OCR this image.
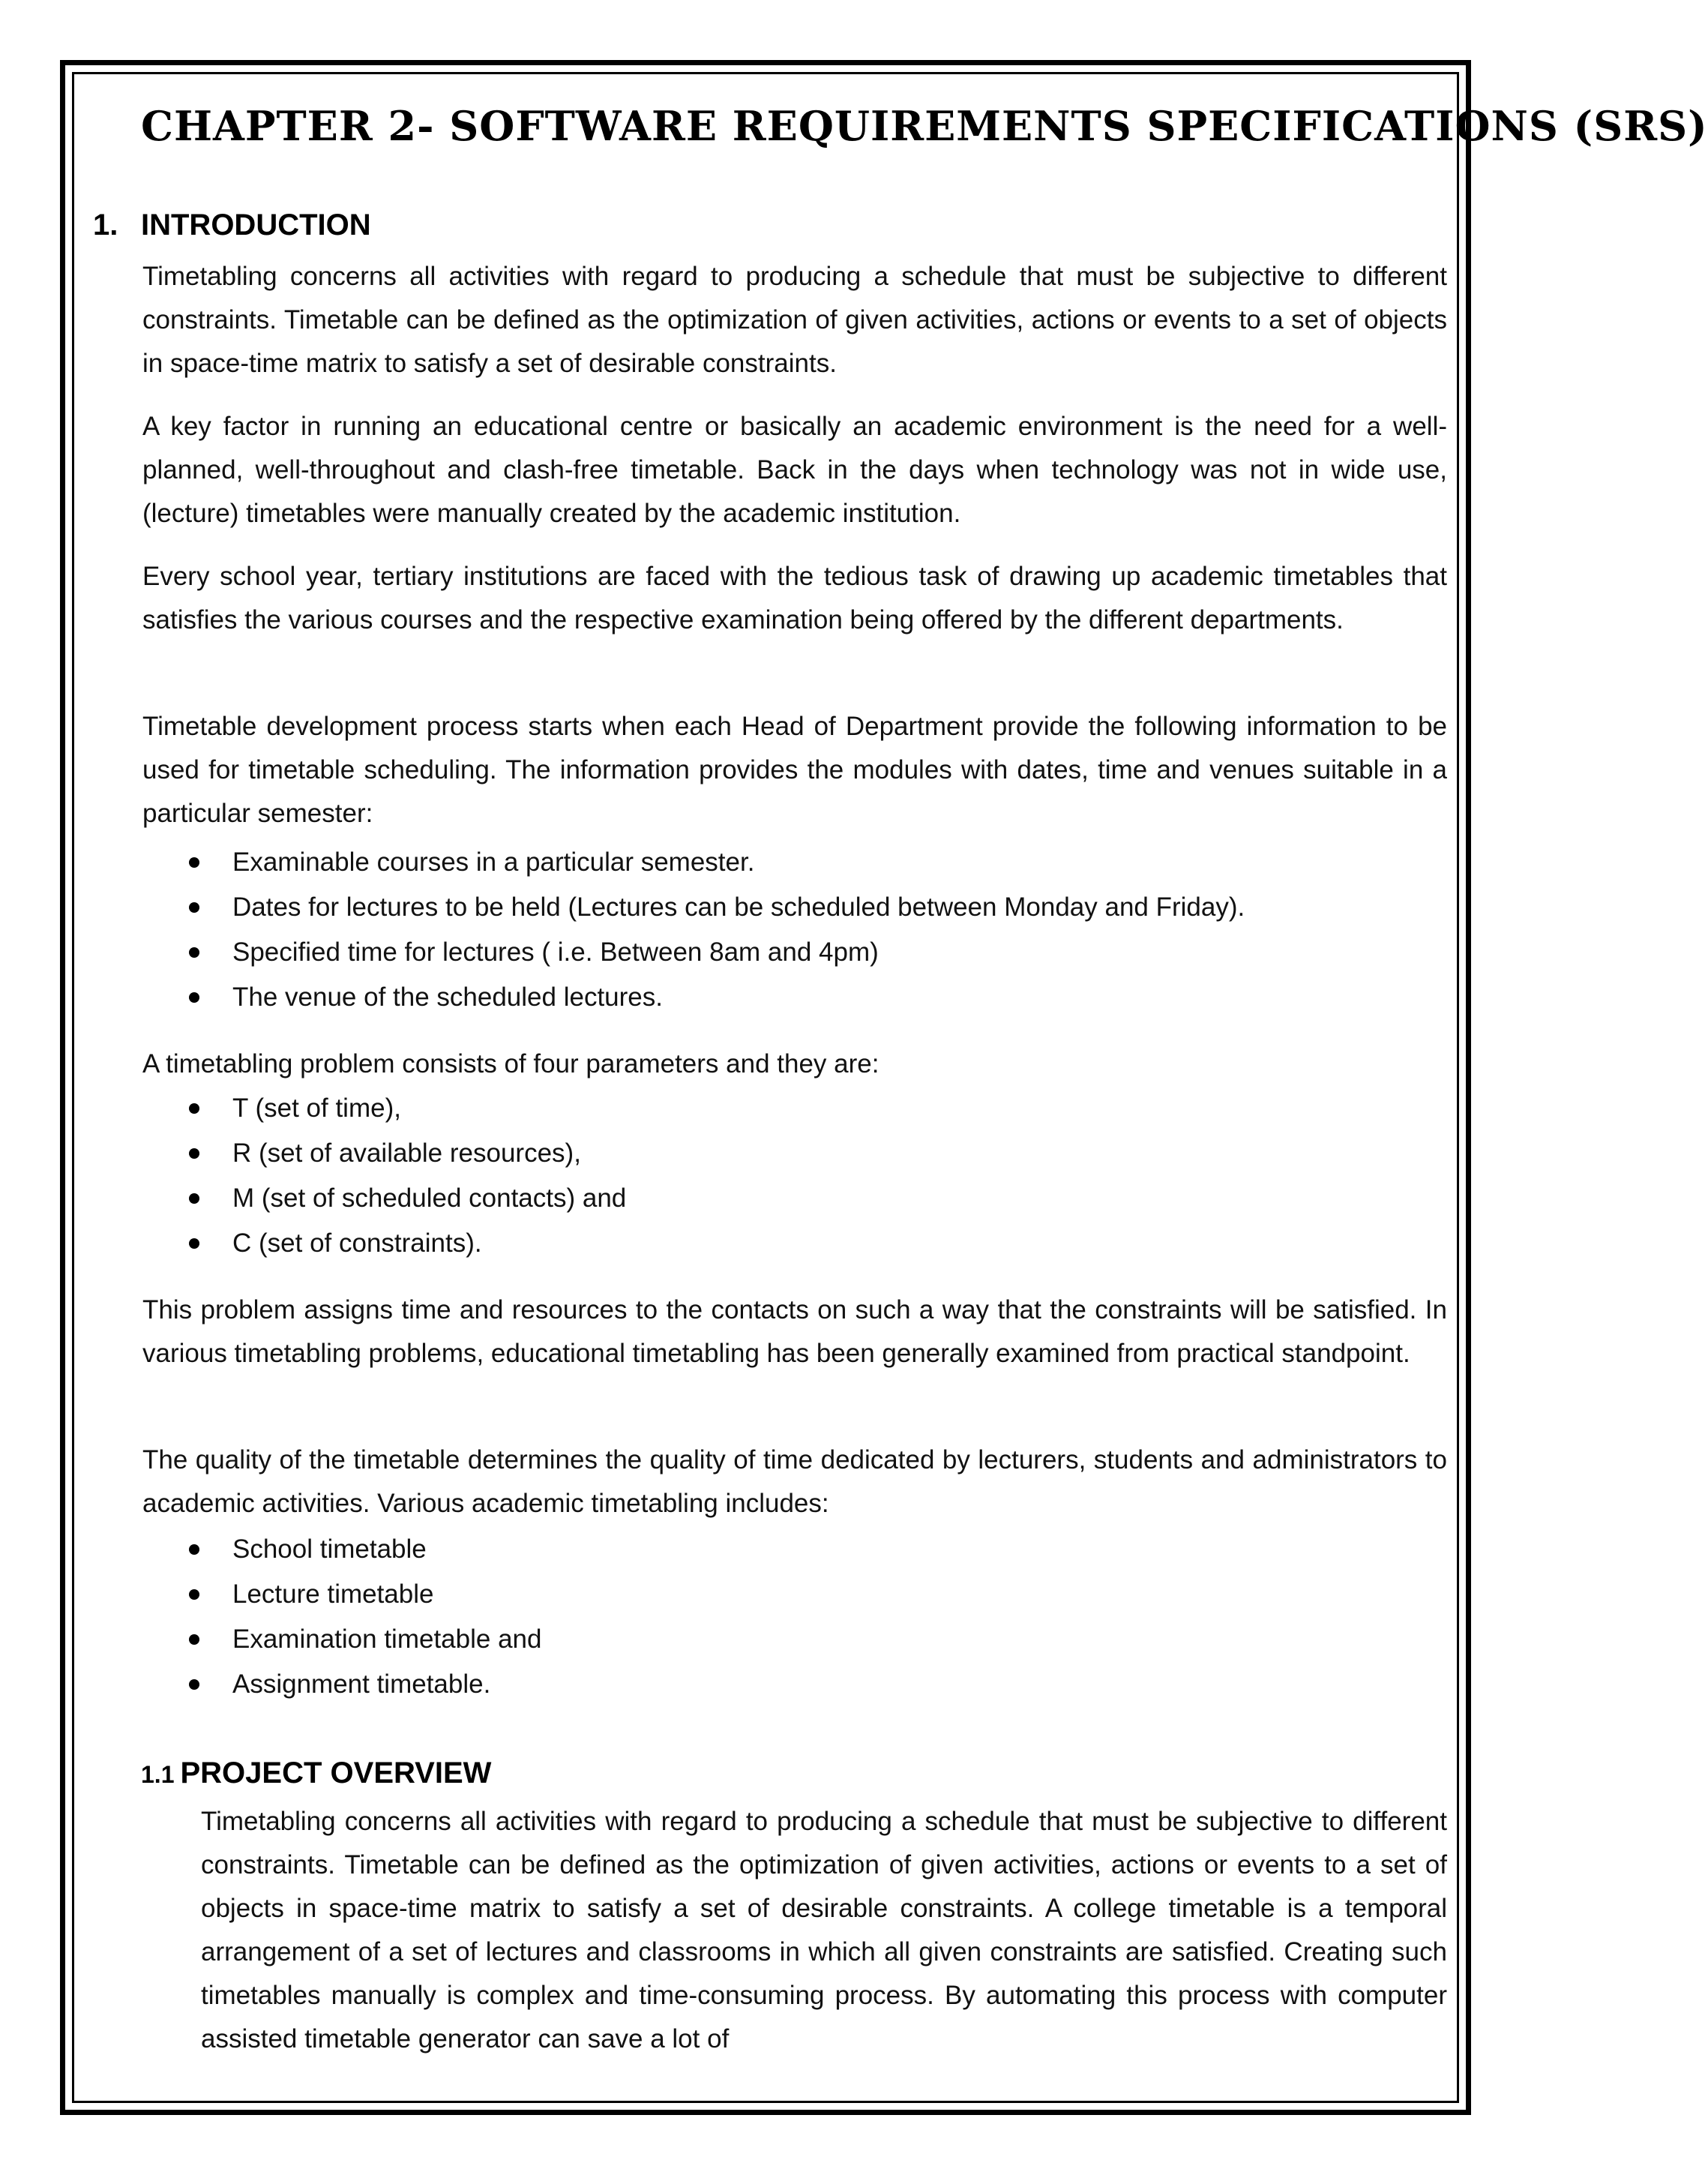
CHAPTER 2- SOFTWARE REQUIREMENTS SPECIFICATIONS (SRS)
1. INTRODUCTION

Timetabling concerns all activities with regard to producing a schedule that must be subjective to different constraints. Timetable can be defined as the optimization of given activities, actions or events to a set of objects in space-time matrix to satisfy a set of desirable constraints.

A key factor in running an educational centre or basically an academic environment is the need for a well-planned, well-throughout and clash-free timetable. Back in the days when technology was not in wide use, (lecture) timetables were manually created by the academic institution.

Every school year, tertiary institutions are faced with the tedious task of drawing up academic timetables that satisfies the various courses and the respective examination being offered by the different departments.

Timetable development process starts when each Head of Department provide the following information to be used for timetable scheduling. The information provides the modules with dates, time and venues suitable in a particular semester:

Examinable courses in a particular semester.
Dates for lectures to be held (Lectures can be scheduled between Monday and Friday).
Specified time for lectures ( i.e. Between 8am and 4pm)
The venue of the scheduled lectures.

A timetabling problem consists of four parameters and they are:

T (set of time),
R (set of available resources),
M (set of scheduled contacts) and
C (set of constraints).

This problem assigns time and resources to the contacts on such a way that the constraints will be satisfied. In various timetabling problems, educational timetabling has been generally examined from practical standpoint.

The quality of the timetable determines the quality of time dedicated by lecturers, students and administrators to academic activities. Various academic timetabling includes:

School timetable
Lecture timetable
Examination timetable and
Assignment timetable.
1.1 PROJECT OVERVIEW

Timetabling concerns all activities with regard to producing a schedule that must be subjective to different constraints. Timetable can be defined as the optimization of given activities, actions or events to a set of objects in space-time matrix to satisfy a set of desirable constraints. A college timetable is a temporal arrangement of a set of lectures and classrooms in which all given constraints are satisfied. Creating such timetables manually is complex and time-consuming process. By automating this process with computer assisted timetable generator can save a lot of
